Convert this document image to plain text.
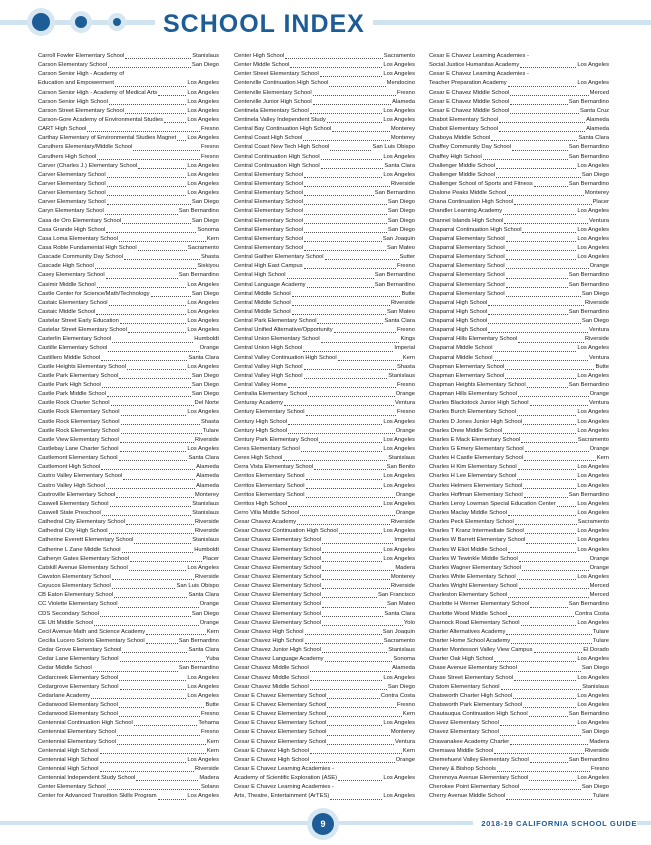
SCHOOL INDEX
Carroll Fowler Elementary School	Stanislaus
Carson Elementary School	San Diego
Carson Senior High - Academy of
Education and Empowerment	Los Angeles
Carson Senior High - Academy of Medical Arts	Los Angeles
Carson Senior High School	Los Angeles
Carson Street Elementary School	Los Angeles
Carson-Gore Academy of Environmental Studies	Los Angeles
CART High School	Fresno
Carthay Elementary of Environmental Studies Magnet Los Angeles
Caruthers Elementary/Middle School	Fresno
Caruthers High School	Fresno
Carver (Charles J.) Elementary School	Los Angeles
Carver Elementary School	Los Angeles
Carver Elementary School	Los Angeles
Carver Elementary School	Los Angeles
Carver Elementary School	San Diego
Caryn Elementary School	San Bernardino
Casa de Oro Elementary School	San Diego
Casa Grande High School	Sonoma
Casa Loma Elementary School	Kern
Casa Roble Fundamental High School	Sacramento
Cascade Community Day School	Shasta
Cascade High School	Siskiyou
Casey Elementary School	San Bernardino
Casimir Middle School	Los Angeles
Castle Center for Science/Math/Technology	San Diego
Castaic Elementary School	Los Angeles
Castaic Middle School	Los Angeles
Castelar Street Early Education	Los Angeles
Castelar Street Elementary School	Los Angeles
Casterlin Elementary School	Humboldt
Castille Elementary School	Orange
Castillero Middle School	Santa Clara
Castle Heights Elementary School	Los Angeles
Castle Park Elementary School	San Diego
Castle Park High School	San Diego
Castle Park Middle School	San Diego
Castle Rock Charter School	Del Norte
Castle Rock Elementary School	Los Angeles
Castle Rock Elementary School	Shasta
Castle Rock Elementary School	Tulare
Castle View Elementary School	Riverside
Castlebay Lane Charter School	Los Angeles
Castlemont Elementary School	Santa Clara
Castlemont High School	Alameda
Castro Valley Elementary School	Alameda
Castro Valley High School	Alameda
Castroville Elementary School	Monterey
Caswell Elementary School	Stanislaus
Caswell State Preschool	Stanislaus
Cathedral City Elementary School	Riverside
Cathedral City High School	Riverside
Catherine Everett Elementary School	Stanislaus
Catherine L Zane Middle School	Humboldt
Catheryn Gates Elementary School	Placer
Catskill Avenue Elementary School	Los Angeles
Cawston Elementary School	Riverside
Cayucos Elementary School	San Luis Obispo
CB Eaton Elementary School	Santa Clara
CC Violette Elementary School	Orange
CDS Secondary School	San Diego
CE Utt Middle School	Orange
Cecil Avenue Math and Science Academy	Kern
Cecilia Lucero Solorio Elementary School	San Bernardino
Cedar Grove Elementary School	Santa Clara
Cedar Lane Elementary School	Yuba
Cedar Middle School	San Bernardino
Cedarcreek Elementary School	Los Angeles
Cedargrove Elementary School	Los Angeles
Cedarlane Academy	Los Angeles
Cedarwood Elementary School	Butte
Cedarwood Elementary School	Fresno
Centennial Continuation High School	Tehama
Centennial Elementary School	Fresno
Centennial Elementary School	Kern
Centennial High School	Kern
Centennial High School	Los Angeles
Centennial High School	Riverside
Centennial Independent Study School	Madera
Center Elementary School	Solano
Center for Advanced Transition Skills Program	Los Angeles
Center High School	Sacramento
Center Middle School	Los Angeles
Center Street Elementary School	Los Angeles
Centerville Continuation High School	Mendocino
Centerville Elementary School	Fresno
Centerville Junior High School	Alameda
Centinela Elementary School	Los Angeles
Centinela Valley Independent Study	Los Angeles
Central Bay Continuation High School	Monterey
Central Coast High School	Monterey
Central Coast New Tech High School	San Luis Obispo
Central Continuation High School	Los Angeles
Central Continuation High School	Santa Clara
Central Elementary School	Los Angeles
Central Elementary School	Riverside
Central Elementary School	San Bernardino
Central Elementary School	San Diego
Central Elementary School	San Diego
Central Elementary School	San Diego
Central Elementary School	San Diego
Central Elementary School	San Joaquin
Central Elementary School	San Mateo
Central Gaither Elementary School	Sutter
Central High East Campus	Fresno
Central High School	San Bernardino
Central Language Academy	San Bernardino
Central Middle School	Butte
Central Middle School	Riverside
Central Middle School	San Mateo
Central Park Elementary School	Santa Clara
Central Unified Alternative/Opportunity	Fresno
Central Union Elementary School	Kings
Central Union High School	Imperial
Central Valley Continuation High School	Kern
Central Valley High School	Shasta
Central Valley High School	Stanislaus
Central Valley Home	Fresno
Centralia Elementary School	Orange
Centuray Academy	Ventura
Century Elementary School	Fresno
Century High School	Los Angeles
Century High School	Orange
Century Park Elementary School	Los Angeles
Ceres Elementary School	Los Angeles
Ceres High School	Stanislaus
Cerra Vista Elementary School	San Benito
Cerritos Elementary School	Los Angeles
Cerritos Elementary School	Los Angeles
Cerritos Elementary School	Orange
Cerritos High School	Los Angeles
Cerro Villa Middle School	Orange
Cesar Chavez Academy	Riverside
Cesar Chavez Continuation High School	Los Angeles
Cesar Chavez Elementary School	Imperial
Cesar Chavez Elementary School	Los Angeles
Cesar Chavez Elementary School	Los Angeles
Cesar Chavez Elementary School	Madera
Cesar Chavez Elementary School	Monterey
Cesar Chavez Elementary School	Riverside
Cesar Chavez Elementary School	San Francisco
Cesar Chavez Elementary School	San Mateo
Cesar Chavez Elementary School	Santa Clara
Cesar Chavez Elementary School	Yolo
Cesar Chavez High School	San Joaquin
Cesar Chavez High School	Sacramento
Cesar Chavez Junior High School	Stanislaus
Cesar Chavez Language Academy	Sonoma
Cesar Chavez Middle School	Alameda
Cesar Chavez Middle School	Los Angeles
Cesar Chavez Middle School	San Diego
Cesar E Chavez Elementary School	Contra Costa
Cesar E Chavez Elementary School	Fresno
Cesar E Chavez Elementary School	Kern
Cesar E Chavez Elementary School	Los Angeles
Cesar E Chavez Elementary School	Monterey
Cesar E Chavez Elementary School	Ventura
Cesar E Chavez High School	Kern
Cesar E Chavez High School	Orange
Cesar E Chavez Learning Academies -
Academy of Scientific Exploration (ASE)	Los Angeles
Cesar E Chavez Learning Academies -
Arts, Theatre, Entertainment (ArTES)	Los Angeles
Cesar E Chavez Learning Academies -
Social Justice Humanitas Academy	Los Angeles
Cesar E Chavez Learning Academies -
Teacher Preparation Academy	Los Angeles
Cesar E Chavez Middle School	Merced
Cesar E Chavez Middle School	San Bernardino
Cesar E Chavez Middle School	Santa Cruz
Chabot Elementary School	Alameda
Chabot Elementary School	Alameda
Chaboya Middle School	Santa Clara
Chaffey Community Day School	San Bernardino
Chaffey High School	San Bernardino
Challenger Middle School	Los Angeles
Challenger Middle School	San Diego
Challenger School of Sports and Fitness	San Bernardino
Chalone Peaks Middle School	Monterey
Chana Continuation High School	Placer
Chandler Learning Academy	Los Angeles
Channel Islands High School	Ventura
Chaparral Continuation High School	Los Angeles
Chaparral Elementary School	Los Angeles
Chaparral Elementary School	Los Angeles
Chaparral Elementary School	Los Angeles
Chaparral Elementary School	Orange
Chaparral Elementary School	San Bernardino
Chaparral Elementary School	San Bernardino
Chaparral Elementary School	San Diego
Chaparral High School	Riverside
Chaparral High School	San Bernardino
Chaparral High School	San Diego
Chaparral High School	Ventura
Chaparral Hills Elementary School	Riverside
Chaparral Middle School	Los Angeles
Chaparral Middle School	Ventura
Chapman Elementary School	Butte
Chapman Elementary School	Los Angeles
Chapman Heights Elementary School	San Bernardino
Chapman Hills Elementary School	Orange
Charles Blackstock Junior High School	Ventura
Charles Burch Elementary School	Los Angeles
Charles D Jones Junior High School	Los Angeles
Charles Drew Middle School	Los Angeles
Charles E Mack Elementary School	Sacramento
Charles G Emery Elementary School	Orange
Charles H Castle Elementary School	Kern
Charles H Kim Elementary School	Los Angeles
Charles H Lee Elementary School	Los Angeles
Charles Helmers Elementary School	Los Angeles
Charles Hoffman Elementary School	San Bernardino
Charles Leroy Lowman Special Education Center	Los Angeles
Charles Maclay Middle School	Los Angeles
Charles Peck Elementary School	Sacramento
Charles T Kranz Intermediate School	Los Angeles
Charles W Barrett Elementary School	Los Angeles
Charles W Eliot Middle School	Los Angeles
Charles W Tewinkle Middle School	Orange
Charles Wagner Elementary School	Orange
Charles White Elementary School	Los Angeles
Charles Wright Elementary School	Merced
Charleston Elementary School	Merced
Charlotte H Werner Elementary School	San Bernardino
Charlotte Wood Middle School	Contra Costa
Charnock Road Elementary School	Los Angeles
Charter Alternatives Academy	Tulare
Charter Home School Academy	Tulare
Charter Montessori Valley View Campus	El Dorado
Charter Oak High School	Los Angeles
Chase Avenue Elementary School	San Diego
Chase Street Elementary School	Los Angeles
Chatom Elementary School	Stanislaus
Chatsworth Charter High School	Los Angeles
Chatsworth Park Elementary School	Los Angeles
Chautauqua Continuation High School	San Bernardino
Chavez Elementary School	Los Angeles
Chavez Elementary School	San Diego
Chawanakee Academy Charter	Madera
Chemawa Middle School	Riverside
Chemehuevi Valley Elementary School	San Bernardino
Cheney & Bishop Schools	Fresno
Cherenoya Avenue Elementary School	Los Angeles
Cherokee Point Elementary School	San Diego
Cherry Avenue Middle School	Tulare
9	2018-19 CALIFORNIA SCHOOL GUIDE
